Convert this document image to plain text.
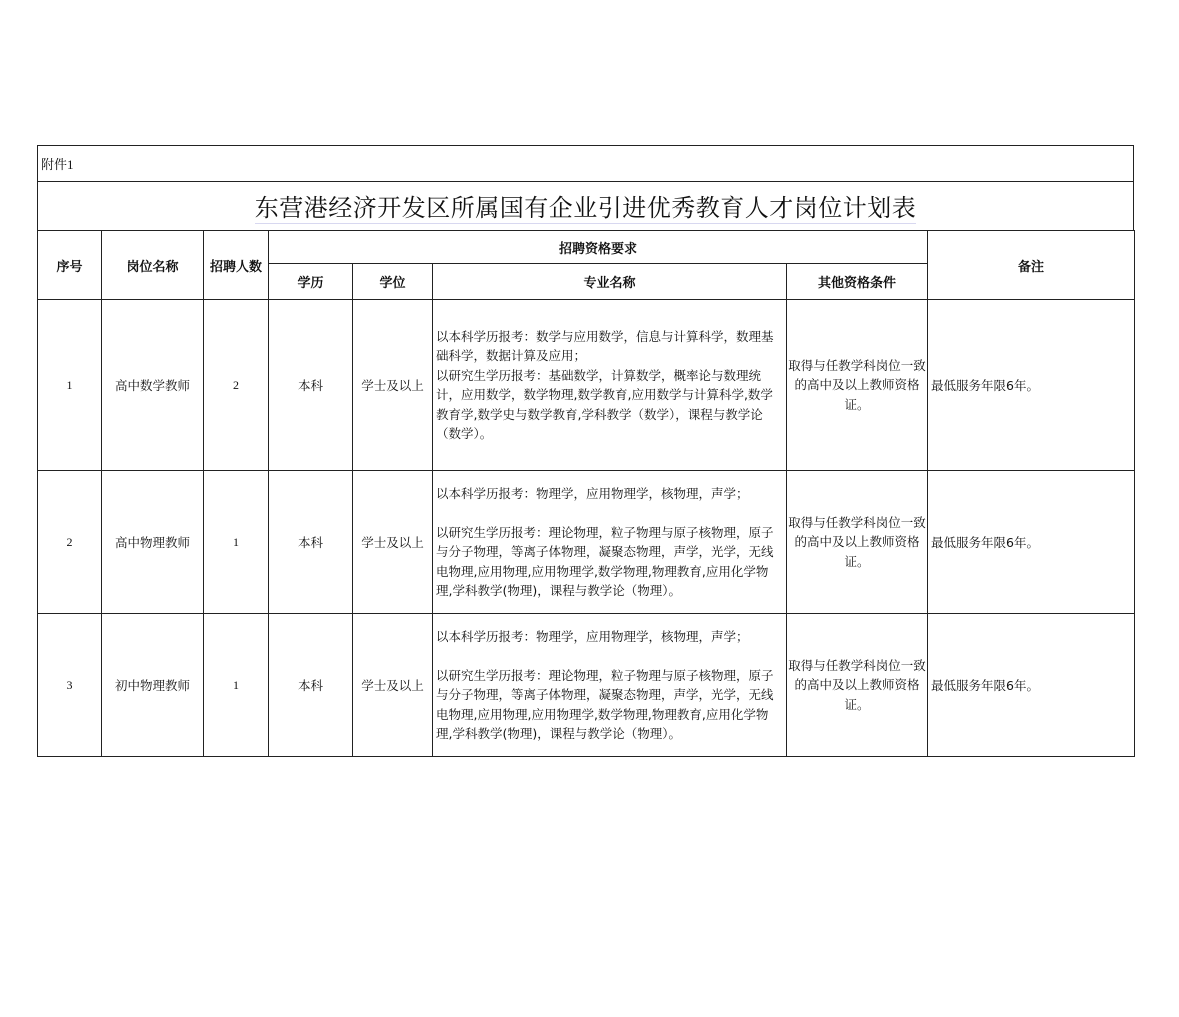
附件1
东营港经济开发区所属国有企业引进优秀教育人才岗位计划表
序号	岗位名称	招聘人数	招聘资格要求				备注
			学历	学位	专业名称	其他资格条件	
1	高中数学教师	2	本科	学士及以上	以本科学历报考：数学与应用数学，信息与计算科学，数理基础科学，数据计算及应用；
以研究生学历报考：基础数学，计算数学，概率论与数理统计，应用数学，数学物理,数学教育,应用数学与计算科学,数学教育学,数学史与数学教育,学科教学（数学），课程与教学论（数学）。	取得与任教学科岗位一致的高中及以上教师资格证。	最低服务年限6年。
2	高中物理教师	1	本科	学士及以上	以本科学历报考：物理学，应用物理学，核物理，声学；

以研究生学历报考：理论物理，粒子物理与原子核物理，原子与分子物理，等离子体物理，凝聚态物理，声学，光学，无线电物理,应用物理,应用物理学,数学物理,物理教育,应用化学物理,学科教学(物理)，课程与教学论（物理）。	取得与任教学科岗位一致的高中及以上教师资格证。	最低服务年限6年。
3	初中物理教师	1	本科	学士及以上	以本科学历报考：物理学，应用物理学，核物理，声学；

以研究生学历报考：理论物理，粒子物理与原子核物理，原子与分子物理，等离子体物理，凝聚态物理，声学，光学，无线电物理,应用物理,应用物理学,数学物理,物理教育,应用化学物理,学科教学(物理)，课程与教学论（物理）。	取得与任教学科岗位一致的高中及以上教师资格证。	最低服务年限6年。
